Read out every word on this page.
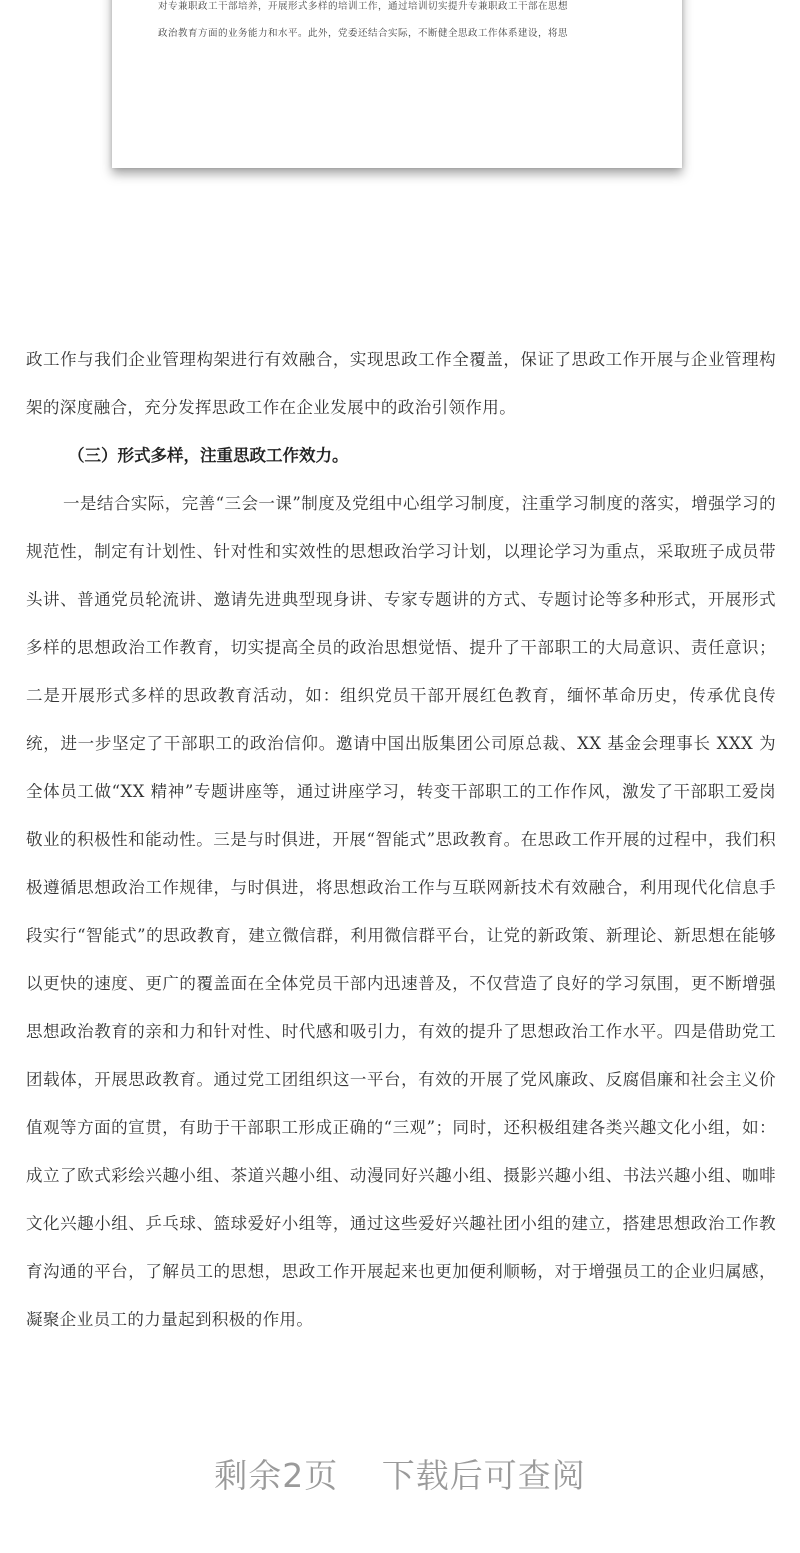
对专兼职政工干部培养，开展形式多样的培训工作，通过培训切实提升专兼职政工干部在思想
政治教育方面的业务能力和水平。此外，党委还结合实际，不断健全思政工作体系建设，将思

政工作与我们企业管理构架进行有效融合，实现思政工作全覆盖，保证了思政工作开展与企业管理构架的深度融合，充分发挥思政工作在企业发展中的政治引领作用。

（三）形式多样，注重思政工作效力。

一是结合实际，完善“三会一课”制度及党组中心组学习制度，注重学习制度的落实，增强学习的规范性，制定有计划性、针对性和实效性的思想政治学习计划，以理论学习为重点，采取班子成员带头讲、普通党员轮流讲、邀请先进典型现身讲、专家专题讲的方式、专题讨论等多种形式，开展形式多样的思想政治工作教育，切实提高全员的政治思想觉悟、提升了干部职工的大局意识、责任意识；二是开展形式多样的思政教育活动，如：组织党员干部开展红色教育，缅怀革命历史，传承优良传统，进一步坚定了干部职工的政治信仰。邀请中国出版集团公司原总裁、XX 基金会理事长 XXX 为全体员工做“XX 精神”专题讲座等，通过讲座学习，转变干部职工的工作作风，激发了干部职工爱岗敬业的积极性和能动性。三是与时俱进，开展“智能式”思政教育。在思政工作开展的过程中，我们积极遵循思想政治工作规律，与时俱进，将思想政治工作与互联网新技术有效融合，利用现代化信息手段实行“智能式”的思政教育，建立微信群，利用微信群平台，让党的新政策、新理论、新思想在能够以更快的速度、更广的覆盖面在全体党员干部内迅速普及，不仅营造了良好的学习氛围，更不断增强思想政治教育的亲和力和针对性、时代感和吸引力，有效的提升了思想政治工作水平。四是借助党工团载体，开展思政教育。通过党工团组织这一平台，有效的开展了党风廉政、反腐倡廉和社会主义价值观等方面的宣贯，有助于干部职工形成正确的“三观”；同时，还积极组建各类兴趣文化小组，如：成立了欧式彩绘兴趣小组、茶道兴趣小组、动漫同好兴趣小组、摄影兴趣小组、书法兴趣小组、咖啡文化兴趣小组、乒乓球、篮球爱好小组等，通过这些爱好兴趣社团小组的建立，搭建思想政治工作教育沟通的平台，了解员工的思想，思政工作开展起来也更加便利顺畅，对于增强员工的企业归属感，凝聚企业员工的力量起到积极的作用。

剩余2页 下载后可查阅
